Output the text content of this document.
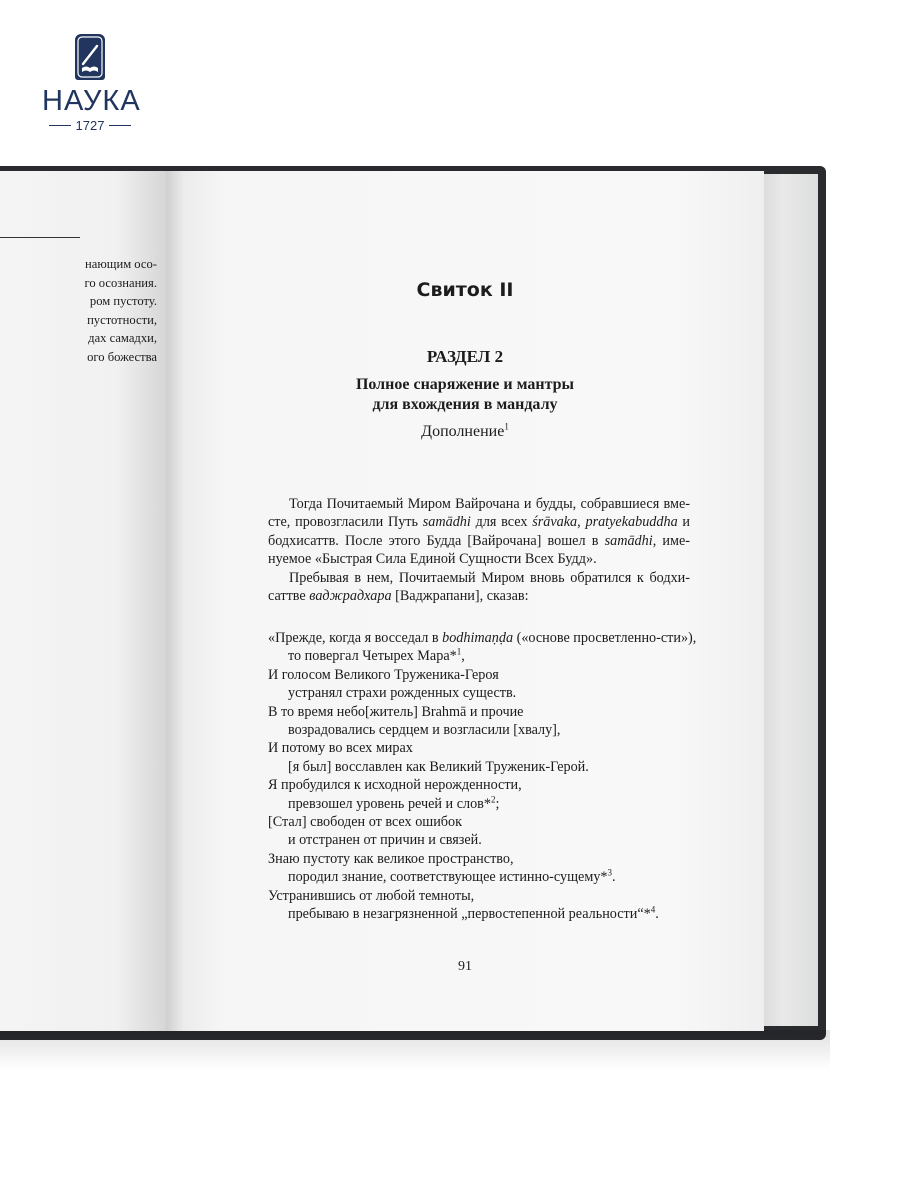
НАУКА
1727
нающим осо-
го осознания.
ром пустоту.
пустотности,
дах самадхи,
ого божества
Свиток II
РАЗДЕЛ 2
Полное снаряжение и мантры
для вхождения в мандалу
Дополнение$^1$

Тогда Почитаемый Миром Вайрочана и будды, собравшиеся вме-сте, провозгласили Путь samādhi для всех śrāvaka, pratyekabuddha и бодхисаттв. После этого Будда [Вайрочана] вошел в samādhi, име-нуемое «Быстрая Сила Единой Сущности Всех Будд».

Пребывая в нем, Почитаемый Миром вновь обратился к бодхи-саттве ваджрадхара [Ваджрапани], сказав:

«Прежде, когда я восседал в bodhimaṇḍa («основе просветленно-сти»),
то повергал Четырех Мара*$^1$,
И голосом Великого Труженика-Героя
устранял страхи рожденных существ.
В то время небо[житель] Brahmā и прочие
возрадовались сердцем и возгласили [хвалу],
И потому во всех мирах
[я был] восславлен как Великий Труженик-Герой.
Я пробудился к исходной нерожденности,
превзошел уровень речей и слов*$^2$;
[Стал] свободен от всех ошибок
и отстранен от причин и связей.
Знаю пустоту как великое пространство,
породил знание, соответствующее истинно-сущему*$^3$.
Устранившись от любой темноты,
пребываю в незагрязненной „первостепенной реальности“*$^4$.
91
